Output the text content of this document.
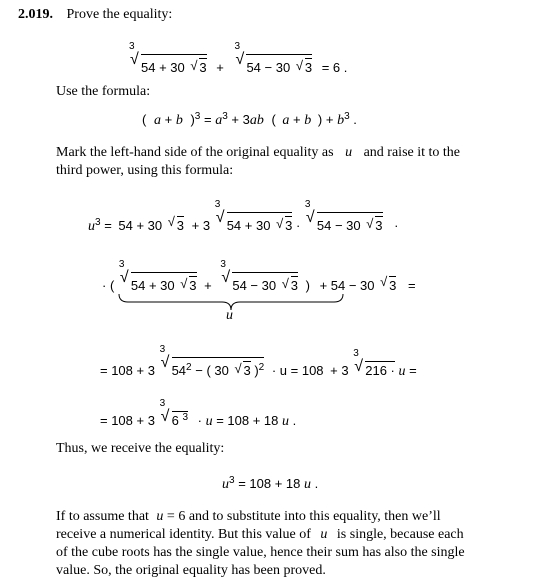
2.019. Prove the equality:
3
√ 54 + 30 √ 3 +
3
√ 54 − 30 √ 3 = 6 .
Use the formula:
( a + b )$^3 = a^3 + 3ab$ ( a + b ) + $b^3$ .
Mark the left-hand side of the original equality as u and raise it to the
third power, using this formula:
$u^3 = 54 + 30$ √ 3 + 3
3
√ 54 + 30 √ 3 ·
3
√ 54 − 30 √ 3 ·
· (
3
√ 54 + 30 √ 3 +
3
√ 54 − 30 √ 3 ) + 54 − 30 √ 3 =
u
= 108 + 3
3
√ $54^2$ − ( 30 √ 3 )$^2$ · u = 108 + 3
3
√ 216 · u =
= 108 + 3
3
√ 6 $^3$ · u = 108 + 18 u .
Thus, we receive the equality:
$u^3 = 108 + 18$ u .
If to assume that u = 6 and to substitute into this equality, then we’ll
receive a numerical identity. But this value of u is single, because each
of the cube roots has the single value, hence their sum has also the single
value. So, the original equality has been proved.
